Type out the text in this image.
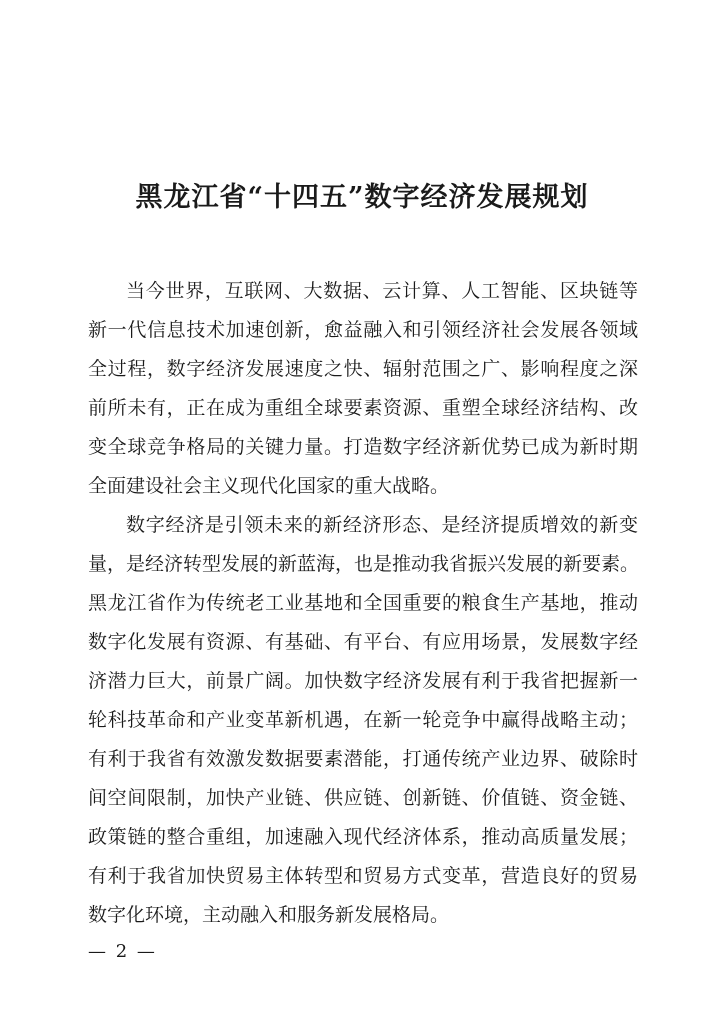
黑龙江省“十四五”数字经济发展规划
当今世界，互联网、大数据、云计算、人工智能、区块链等
新一代信息技术加速创新，愈益融入和引领经济社会发展各领域
全过程，数字经济发展速度之快、辐射范围之广、影响程度之深
前所未有，正在成为重组全球要素资源、重塑全球经济结构、改
变全球竞争格局的关键力量。打造数字经济新优势已成为新时期
全面建设社会主义现代化国家的重大战略。
数字经济是引领未来的新经济形态、是经济提质增效的新变
量，是经济转型发展的新蓝海，也是推动我省振兴发展的新要素。
黑龙江省作为传统老工业基地和全国重要的粮食生产基地，推动
数字化发展有资源、有基础、有平台、有应用场景，发展数字经
济潜力巨大，前景广阔。加快数字经济发展有利于我省把握新一
轮科技革命和产业变革新机遇，在新一轮竞争中赢得战略主动；
有利于我省有效激发数据要素潜能，打通传统产业边界、破除时
间空间限制，加快产业链、供应链、创新链、价值链、资金链、
政策链的整合重组，加速融入现代经济体系，推动高质量发展；
有利于我省加快贸易主体转型和贸易方式变革，营造良好的贸易
数字化环境，主动融入和服务新发展格局。
— 2 —
